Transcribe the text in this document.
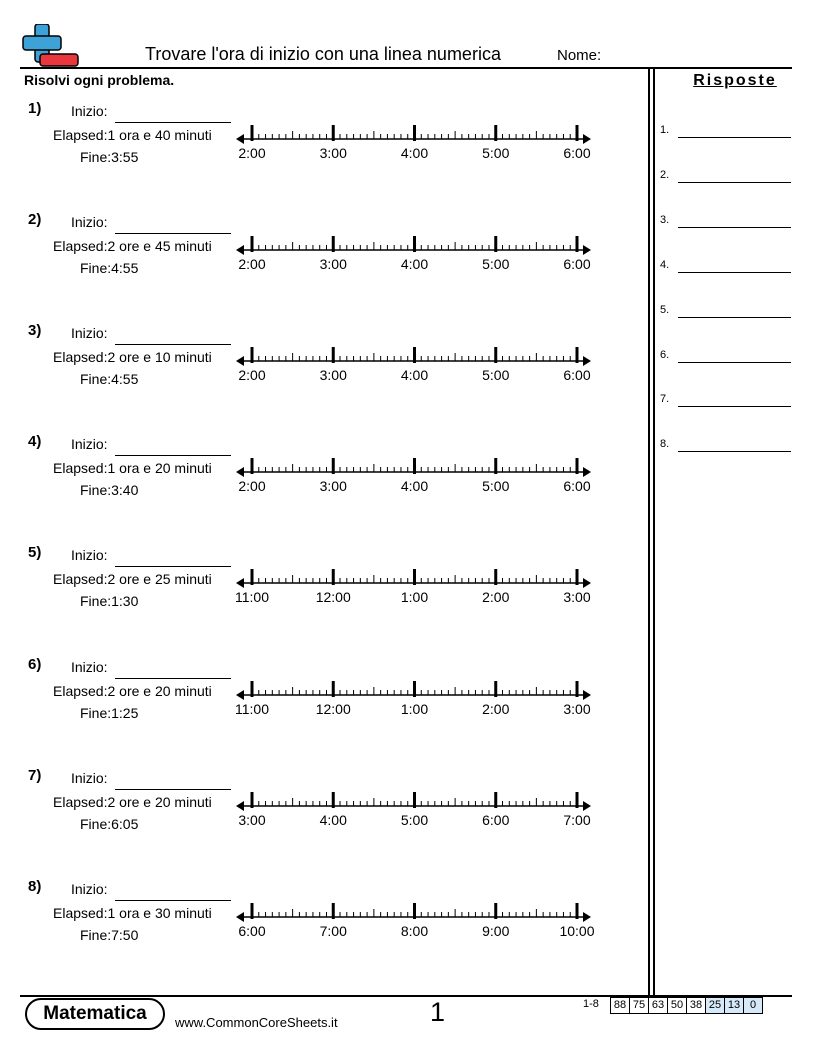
Trovare l'ora di inizio con una linea numerica	Nome:
Risolvi ogni problema.	Risposte
1.
2.
3.
4.
5.
6.
7.
8.
1) Inizio:
Elapsed:1 ora e 40 minuti
Fine:3:55	2:00	3:00	4:00	5:00	6:00
2) Inizio:
Elapsed:2 ore e 45 minuti
Fine:4:55	2:00	3:00	4:00	5:00	6:00
3) Inizio:
Elapsed:2 ore e 10 minuti
Fine:4:55	2:00	3:00	4:00	5:00	6:00
4) Inizio:
Elapsed:1 ora e 20 minuti
Fine:3:40	2:00	3:00	4:00	5:00	6:00
5) Inizio:
Elapsed:2 ore e 25 minuti
Fine:1:30	11:00	12:00	1:00	2:00	3:00
6) Inizio:
Elapsed:2 ore e 20 minuti
Fine:1:25	11:00	12:00	1:00	2:00	3:00
7) Inizio:
Elapsed:2 ore e 20 minuti
Fine:6:05	3:00	4:00	5:00	6:00	7:00
8) Inizio:
Elapsed:1 ora e 30 minuti
Fine:7:50	6:00	7:00	8:00	9:00	10:00
Matematica	www.CommonCoreSheets.it	1	1-8 88 75 63 50 38 25 13 0
